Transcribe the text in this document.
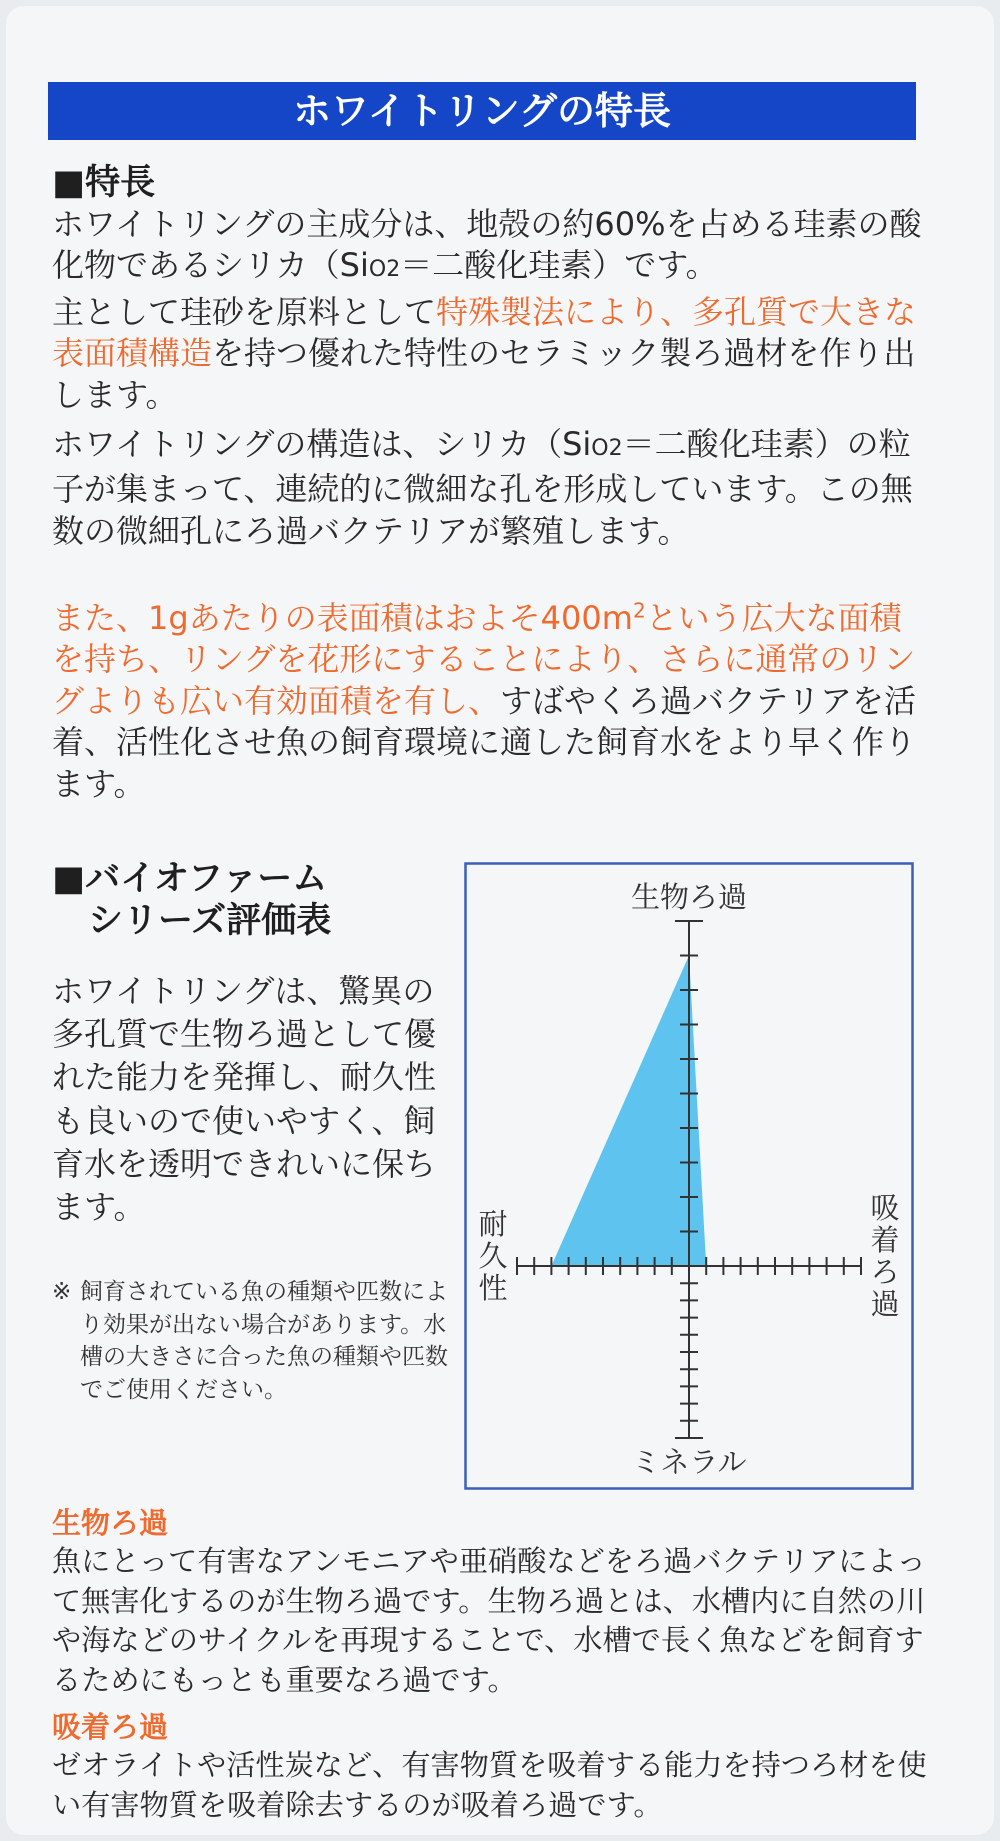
ホワイトリングの特長
■特長
ホワイトリングの主成分は、地殻の約60%を占める珪素の酸化物であるシリカ（SiO2＝二酸化珪素）です。
主として珪砂を原料として特殊製法により、多孔質で大きな表面積構造を持つ優れた特性のセラミック製ろ過材を作り出します。
ホワイトリングの構造は、シリカ（SiO2＝二酸化珪素）の粒子が集まって、連続的に微細な孔を形成しています。この無数の微細孔にろ過バクテリアが繁殖します。
また、1gあたりの表面積はおよそ$400m^2$という広大な面積を持ち、リングを花形にすることにより、さらに通常のリングよりも広い有効面積を有し、すばやくろ過バクテリアを活着、活性化させ魚の飼育環境に適した飼育水をより早く作ります。
■バイオファーム
シリーズ評価表
ホワイトリングは、驚異の多孔質で生物ろ過として優れた能力を発揮し、耐久性も良いので使いやすく、飼育水を透明できれいに保ちます。
※ 飼育されている魚の種類や匹数により効果が出ない場合があります。水槽の大きさに合った魚の種類や匹数でご使用ください。
生物ろ過
ミネラル
耐
久
性
吸
着
ろ
過
生物ろ過
魚にとって有害なアンモニアや亜硝酸などをろ過バクテリアによって無害化するのが生物ろ過です。生物ろ過とは、水槽内に自然の川や海などのサイクルを再現することで、水槽で長く魚などを飼育するためにもっとも重要なろ過です。
吸着ろ過
ゼオライトや活性炭など、有害物質を吸着する能力を持つろ材を使い有害物質を吸着除去するのが吸着ろ過です。
